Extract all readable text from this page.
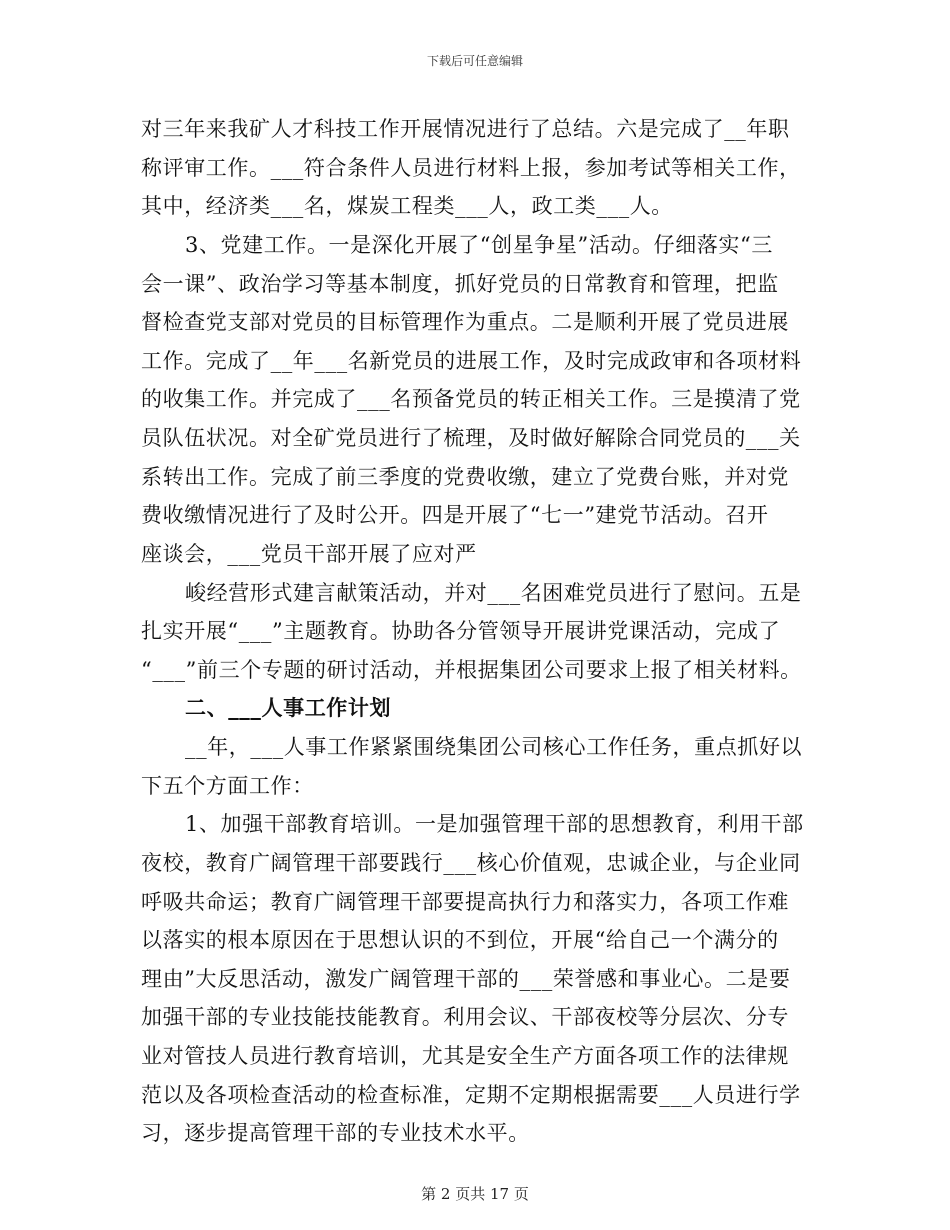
下载后可任意编辑
对三年来我矿人才科技工作开展情况进行了总结。六是完成了__年职
称评审工作。___符合条件人员进行材料上报，参加考试等相关工作，
其中，经济类___名，煤炭工程类___人，政工类___人。
3、党建工作。一是深化开展了“创星争星”活动。仔细落实“三
会一课”、政治学习等基本制度，抓好党员的日常教育和管理，把监
督检查党支部对党员的目标管理作为重点。二是顺利开展了党员进展
工作。完成了__年___名新党员的进展工作，及时完成政审和各项材料
的收集工作。并完成了___名预备党员的转正相关工作。三是摸清了党
员队伍状况。对全矿党员进行了梳理，及时做好解除合同党员的___关
系转出工作。完成了前三季度的党费收缴，建立了党费台账，并对党
费收缴情况进行了及时公开。四是开展了“七一”建党节活动。召开
座谈会，___党员干部开展了应对严
峻经营形式建言献策活动，并对___名困难党员进行了慰问。五是
扎实开展“___”主题教育。协助各分管领导开展讲党课活动，完成了
“___”前三个专题的研讨活动，并根据集团公司要求上报了相关材料。
二、___人事工作计划
__年，___人事工作紧紧围绕集团公司核心工作任务，重点抓好以
下五个方面工作：
1、加强干部教育培训。一是加强管理干部的思想教育，利用干部
夜校，教育广阔管理干部要践行___核心价值观，忠诚企业，与企业同
呼吸共命运；教育广阔管理干部要提高执行力和落实力，各项工作难
以落实的根本原因在于思想认识的不到位，开展“给自己一个满分的
理由”大反思活动，激发广阔管理干部的___荣誉感和事业心。二是要
加强干部的专业技能技能教育。利用会议、干部夜校等分层次、分专
业对管技人员进行教育培训，尤其是安全生产方面各项工作的法律规
范以及各项检查活动的检查标准，定期不定期根据需要___人员进行学
习，逐步提高管理干部的专业技术水平。
第 2 页共 17 页
